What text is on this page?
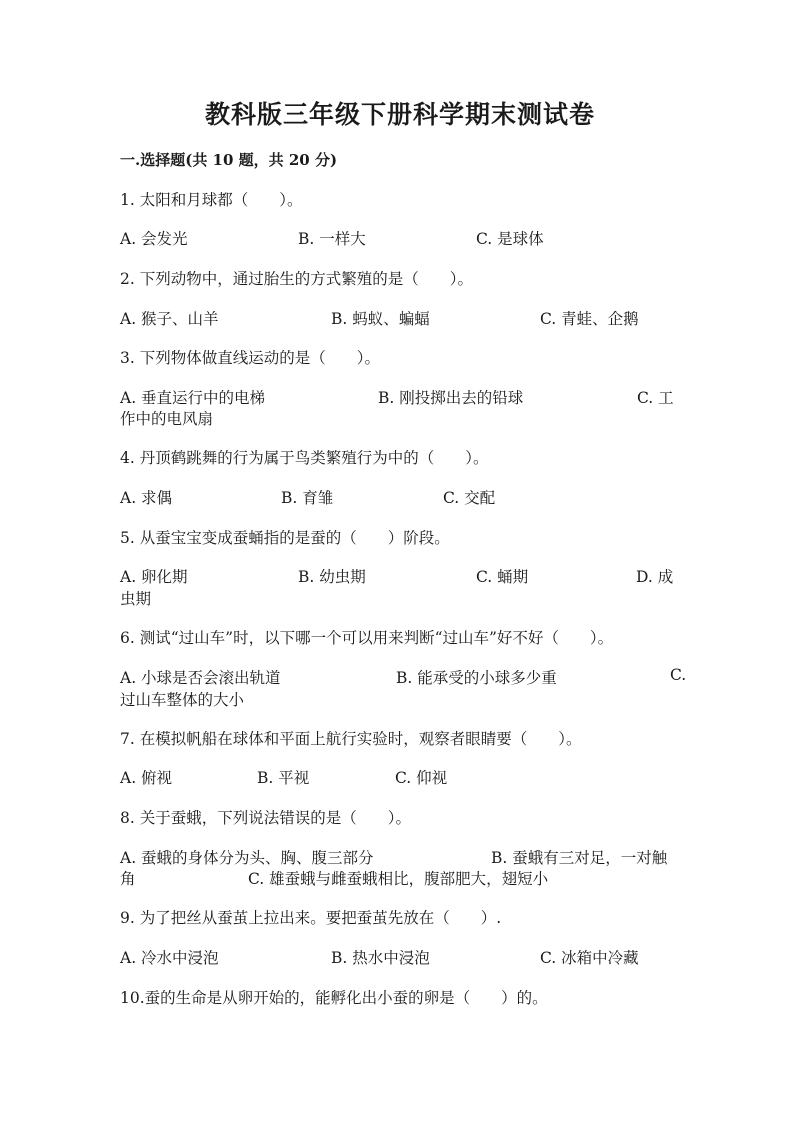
教科版三年级下册科学期末测试卷
一.选择题(共 10 题，共 20 分)
1. 太阳和月球都（　　）。
A. 会发光	B. 一样大	C. 是球体
2. 下列动物中，通过胎生的方式繁殖的是（　　）。
A. 猴子、山羊	B. 蚂蚁、蝙蝠	C. 青蛙、企鹅
3. 下列物体做直线运动的是（　　）。
A. 垂直运行中的电梯	B. 刚投掷出去的铅球	C. 工
作中的电风扇
4. 丹顶鹤跳舞的行为属于鸟类繁殖行为中的（　　）。
A. 求偶	B. 育雏	C. 交配
5. 从蚕宝宝变成蚕蛹指的是蚕的（　　）阶段。
A. 卵化期	B. 幼虫期	C. 蛹期	D. 成
虫期
6. 测试“过山车”时，以下哪一个可以用来判断“过山车”好不好（　　）。
A. 小球是否会滚出轨道	B. 能承受的小球多少重	C.
过山车整体的大小
7. 在模拟帆船在球体和平面上航行实验时，观察者眼睛要（　　）。
A. 俯视	B. 平视	C. 仰视
8. 关于蚕蛾，下列说法错误的是（　　）。
A. 蚕蛾的身体分为头、胸、腹三部分	B. 蚕蛾有三对足，一对触
角	C. 雄蚕蛾与雌蚕蛾相比，腹部肥大，翅短小
9. 为了把丝从蚕茧上拉出来。要把蚕茧先放在（　　）.
A. 冷水中浸泡	B. 热水中浸泡	C. 冰箱中冷藏
10.蚕的生命是从卵开始的，能孵化出小蚕的卵是（　　）的。
